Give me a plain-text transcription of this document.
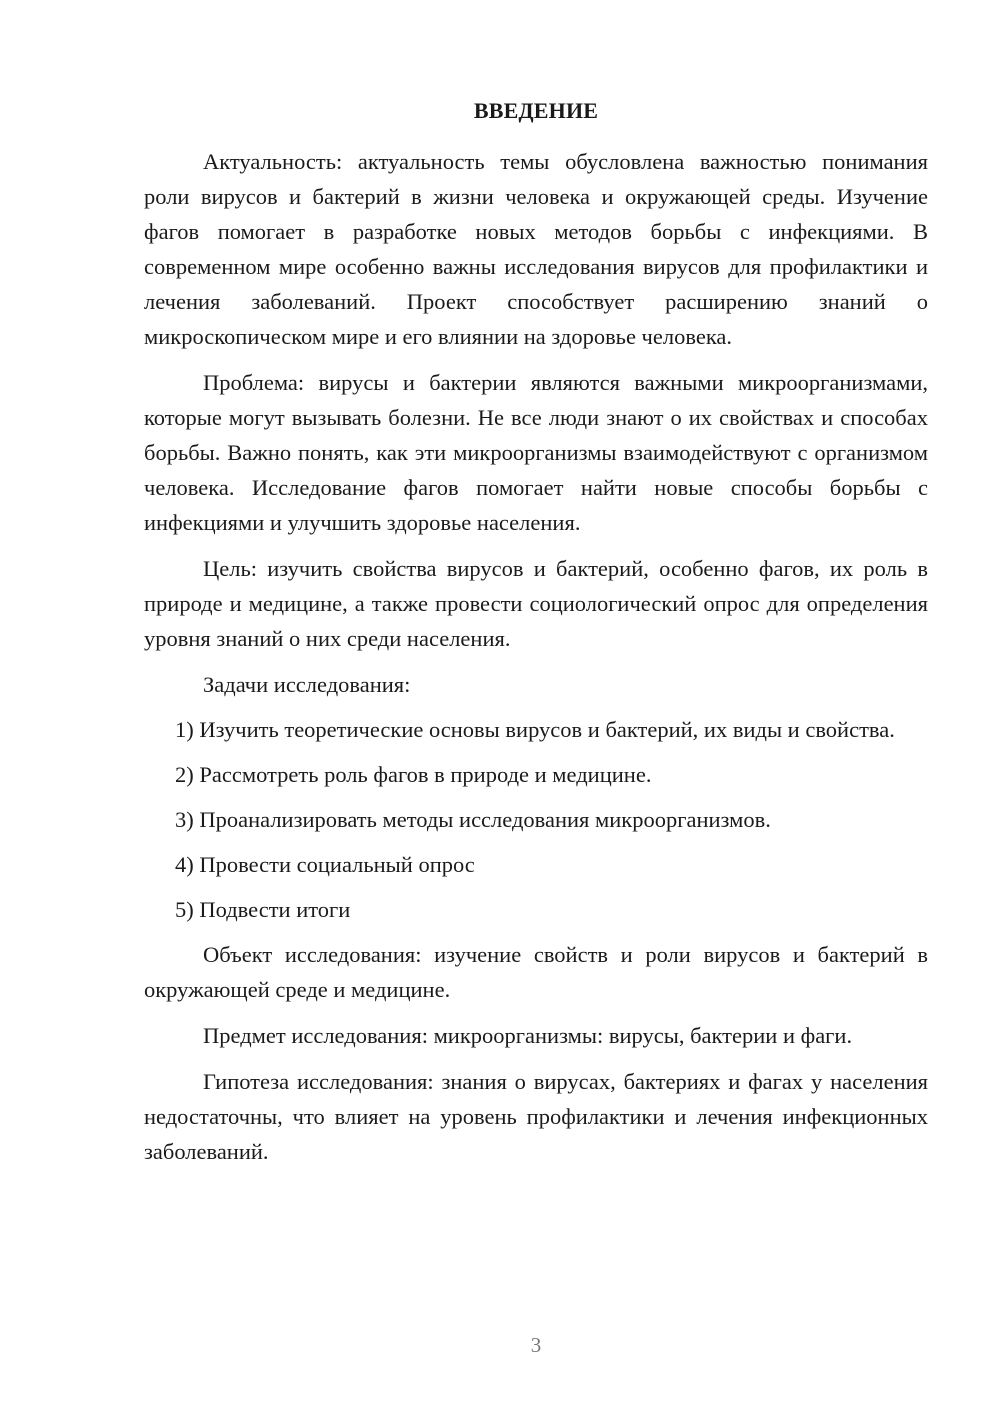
ВВЕДЕНИЕ

Актуальность: актуальность темы обусловлена важностью понимания роли вирусов и бактерий в жизни человека и окружающей среды. Изучение фагов помогает в разработке новых методов борьбы с инфекциями. В современном мире особенно важны исследования вирусов для профилактики и лечения заболеваний. Проект способствует расширению знаний о микроскопическом мире и его влиянии на здоровье человека.

Проблема: вирусы и бактерии являются важными микроорганизмами, которые могут вызывать болезни. Не все люди знают о их свойствах и способах борьбы. Важно понять, как эти микроорганизмы взаимодействуют с организмом человека. Исследование фагов помогает найти новые способы борьбы с инфекциями и улучшить здоровье населения.

Цель: изучить свойства вирусов и бактерий, особенно фагов, их роль в природе и медицине, а также провести социологический опрос для определения уровня знаний о них среди населения.

Задачи исследования:

1) Изучить теоретические основы вирусов и бактерий, их виды и свойства.

2) Рассмотреть роль фагов в природе и медицине.

3) Проанализировать методы исследования микроорганизмов.

4) Провести социальный опрос

5) Подвести итоги

Объект исследования: изучение свойств и роли вирусов и бактерий в окружающей среде и медицине.

Предмет исследования: микроорганизмы: вирусы, бактерии и фаги.

Гипотеза исследования: знания о вирусах, бактериях и фагах у населения недостаточны, что влияет на уровень профилактики и лечения инфекционных заболеваний.

3
